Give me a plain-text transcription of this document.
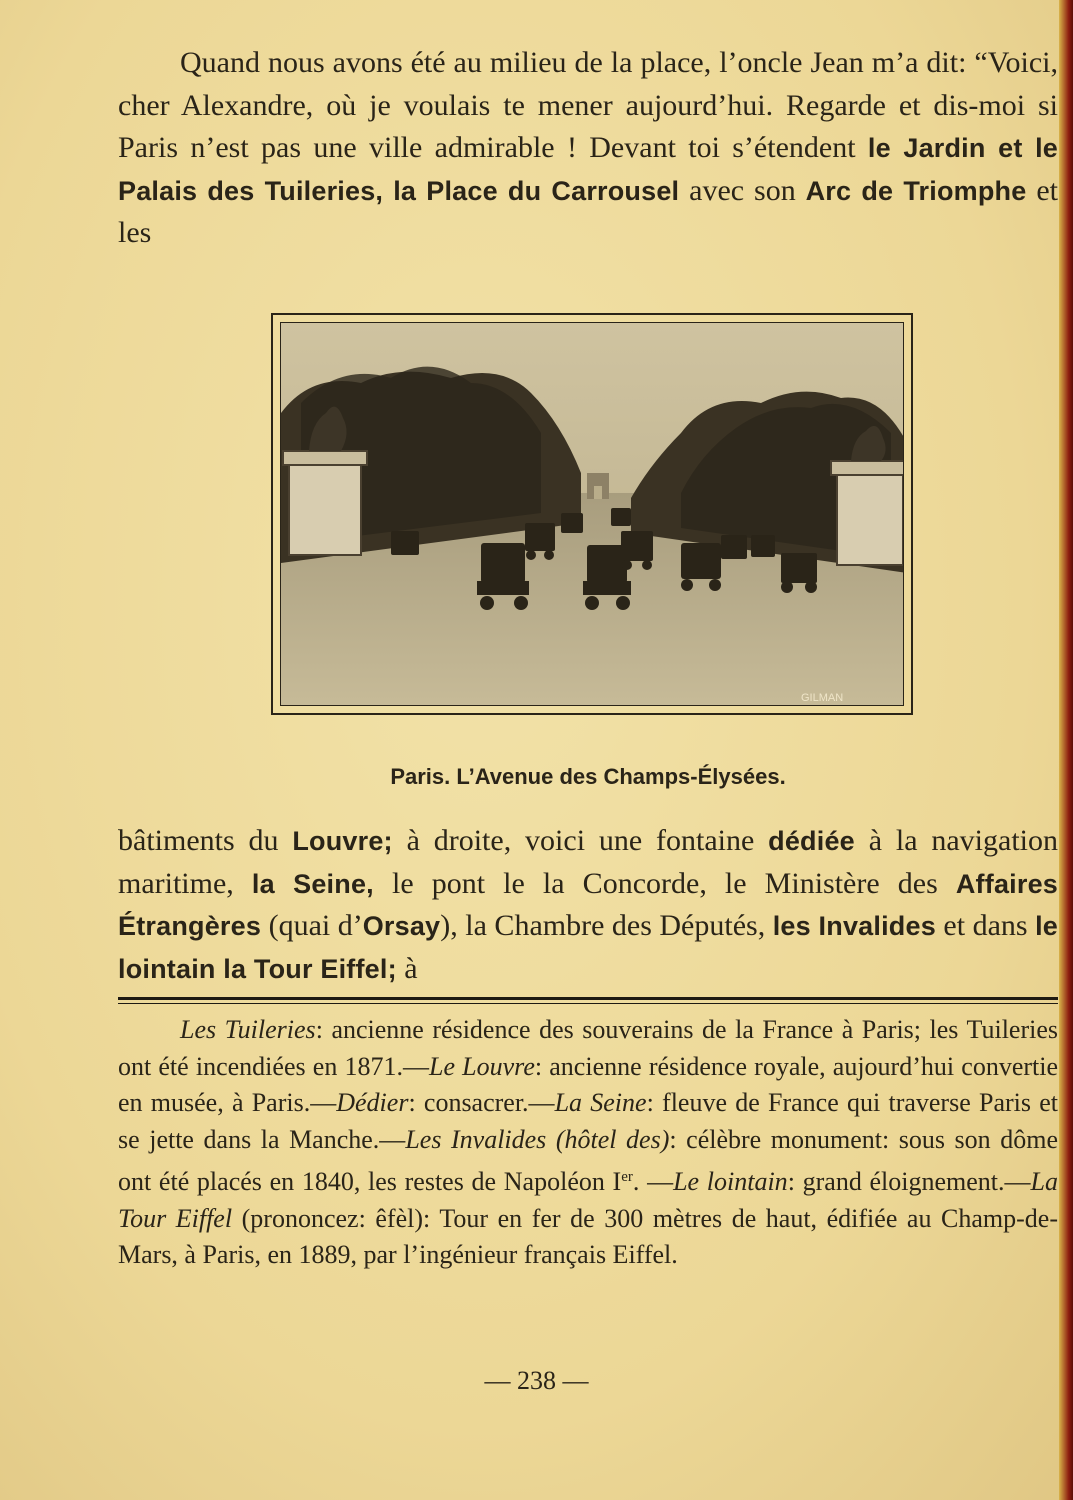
Quand nous avons été au milieu de la place, l’oncle Jean m’a dit: “Voici, cher Alexandre, où je voulais te mener aujourd’hui. Regarde et dis-moi si Paris n’est pas une ville admirable ! Devant toi s’étendent le Jardin et le Palais des Tuileries, la Place du Carrousel avec son Arc de Triomphe et les
GILMAN
Paris. L’Avenue des Champs-Élysées.
bâtiments du Louvre; à droite, voici une fontaine dédiée à la navigation maritime, la Seine, le pont le la Concorde, le Ministère des Affaires Étrangères (quai d’Orsay), la Chambre des Députés, les Invalides et dans le lointain la Tour Eiffel; à
Les Tuileries: ancienne résidence des souverains de la France à Paris; les Tuileries ont été incendiées en 1871.—Le Louvre: ancienne résidence royale, aujourd’hui convertie en musée, à Paris.—Dédier: consacrer.—La Seine: fleuve de France qui traverse Paris et se jette dans la Manche.—Les Invalides (hôtel des): célèbre monument: sous son dôme ont été placés en 1840, les restes de Napoléon Ier. —Le lointain: grand éloignement.—La Tour Eiffel (prononcez: êfèl): Tour en fer de 300 mètres de haut, édifiée au Champ-de-Mars, à Paris, en 1889, par l’ingénieur français Eiffel.
— 238 —
